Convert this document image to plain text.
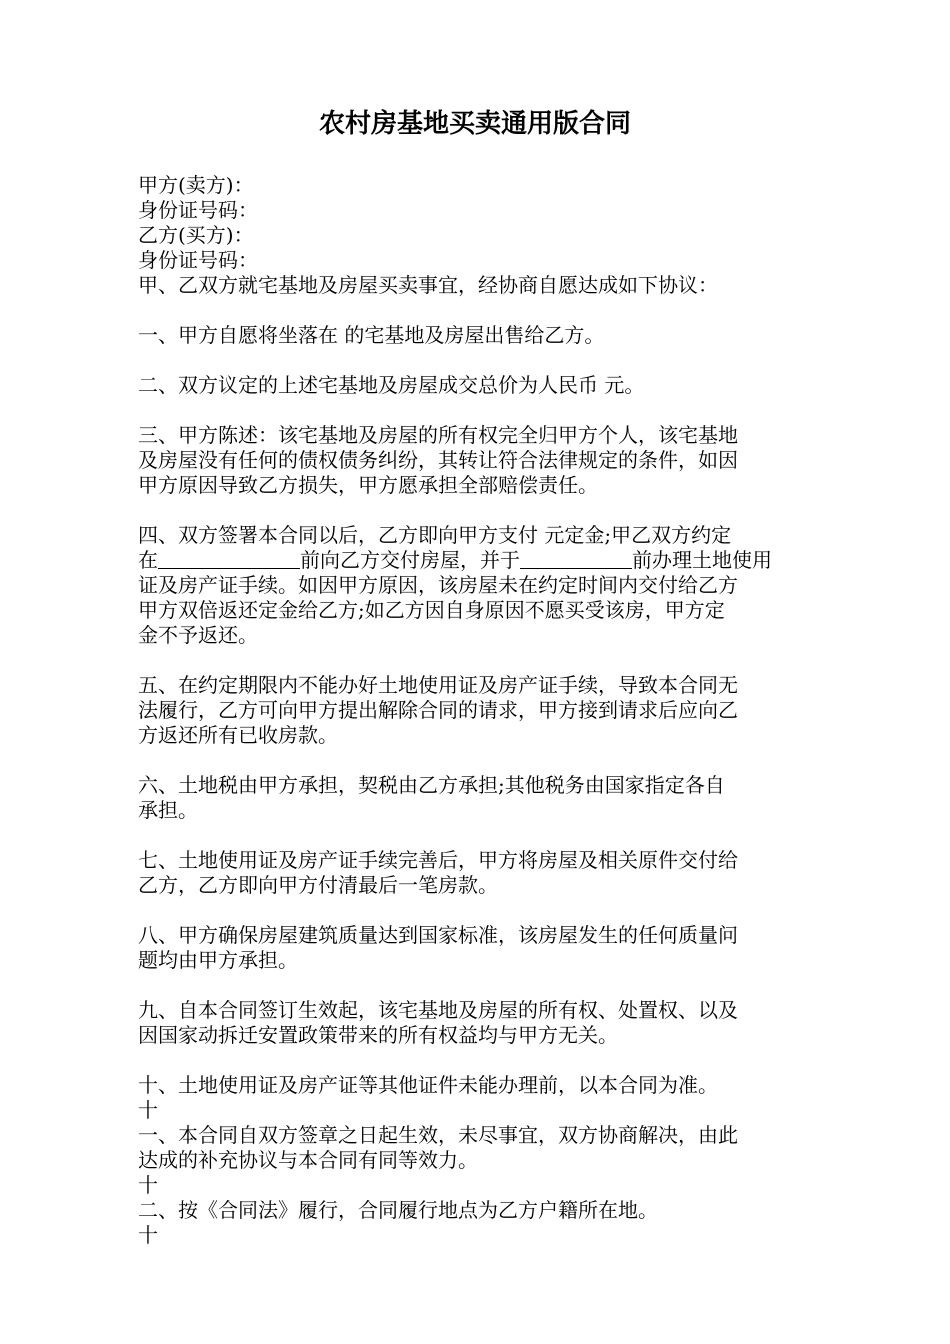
农村房基地买卖通用版合同
甲方(卖方)：
身份证号码：
乙方(买方)：
身份证号码：
甲、乙双方就宅基地及房屋买卖事宜，经协商自愿达成如下协议：
一、甲方自愿将坐落在 的宅基地及房屋出售给乙方。
二、双方议定的上述宅基地及房屋成交总价为人民币 元。
三、甲方陈述：该宅基地及房屋的所有权完全归甲方个人，该宅基地
及房屋没有任何的债权债务纠纷，其转让符合法律规定的条件，如因
甲方原因导致乙方损失，甲方愿承担全部赔偿责任。
四、双方签署本合同以后，乙方即向甲方支付 元定金;甲乙双方约定
在	前向乙方交付房屋，并于	前办理土地使用
证及房产证手续。如因甲方原因，该房屋未在约定时间内交付给乙方
甲方双倍返还定金给乙方;如乙方因自身原因不愿买受该房，甲方定
金不予返还。
五、在约定期限内不能办好土地使用证及房产证手续，导致本合同无
法履行，乙方可向甲方提出解除合同的请求，甲方接到请求后应向乙
方返还所有已收房款。
六、土地税由甲方承担，契税由乙方承担;其他税务由国家指定各自
承担。
七、土地使用证及房产证手续完善后，甲方将房屋及相关原件交付给
乙方，乙方即向甲方付清最后一笔房款。
八、甲方确保房屋建筑质量达到国家标准，该房屋发生的任何质量问
题均由甲方承担。
九、自本合同签订生效起，该宅基地及房屋的所有权、处置权、以及
因国家动拆迁安置政策带来的所有权益均与甲方无关。
十、土地使用证及房产证等其他证件未能办理前，以本合同为准。
十
一、本合同自双方签章之日起生效，未尽事宜，双方协商解决，由此
达成的补充协议与本合同有同等效力。
十
二、按《合同法》履行，合同履行地点为乙方户籍所在地。
十
